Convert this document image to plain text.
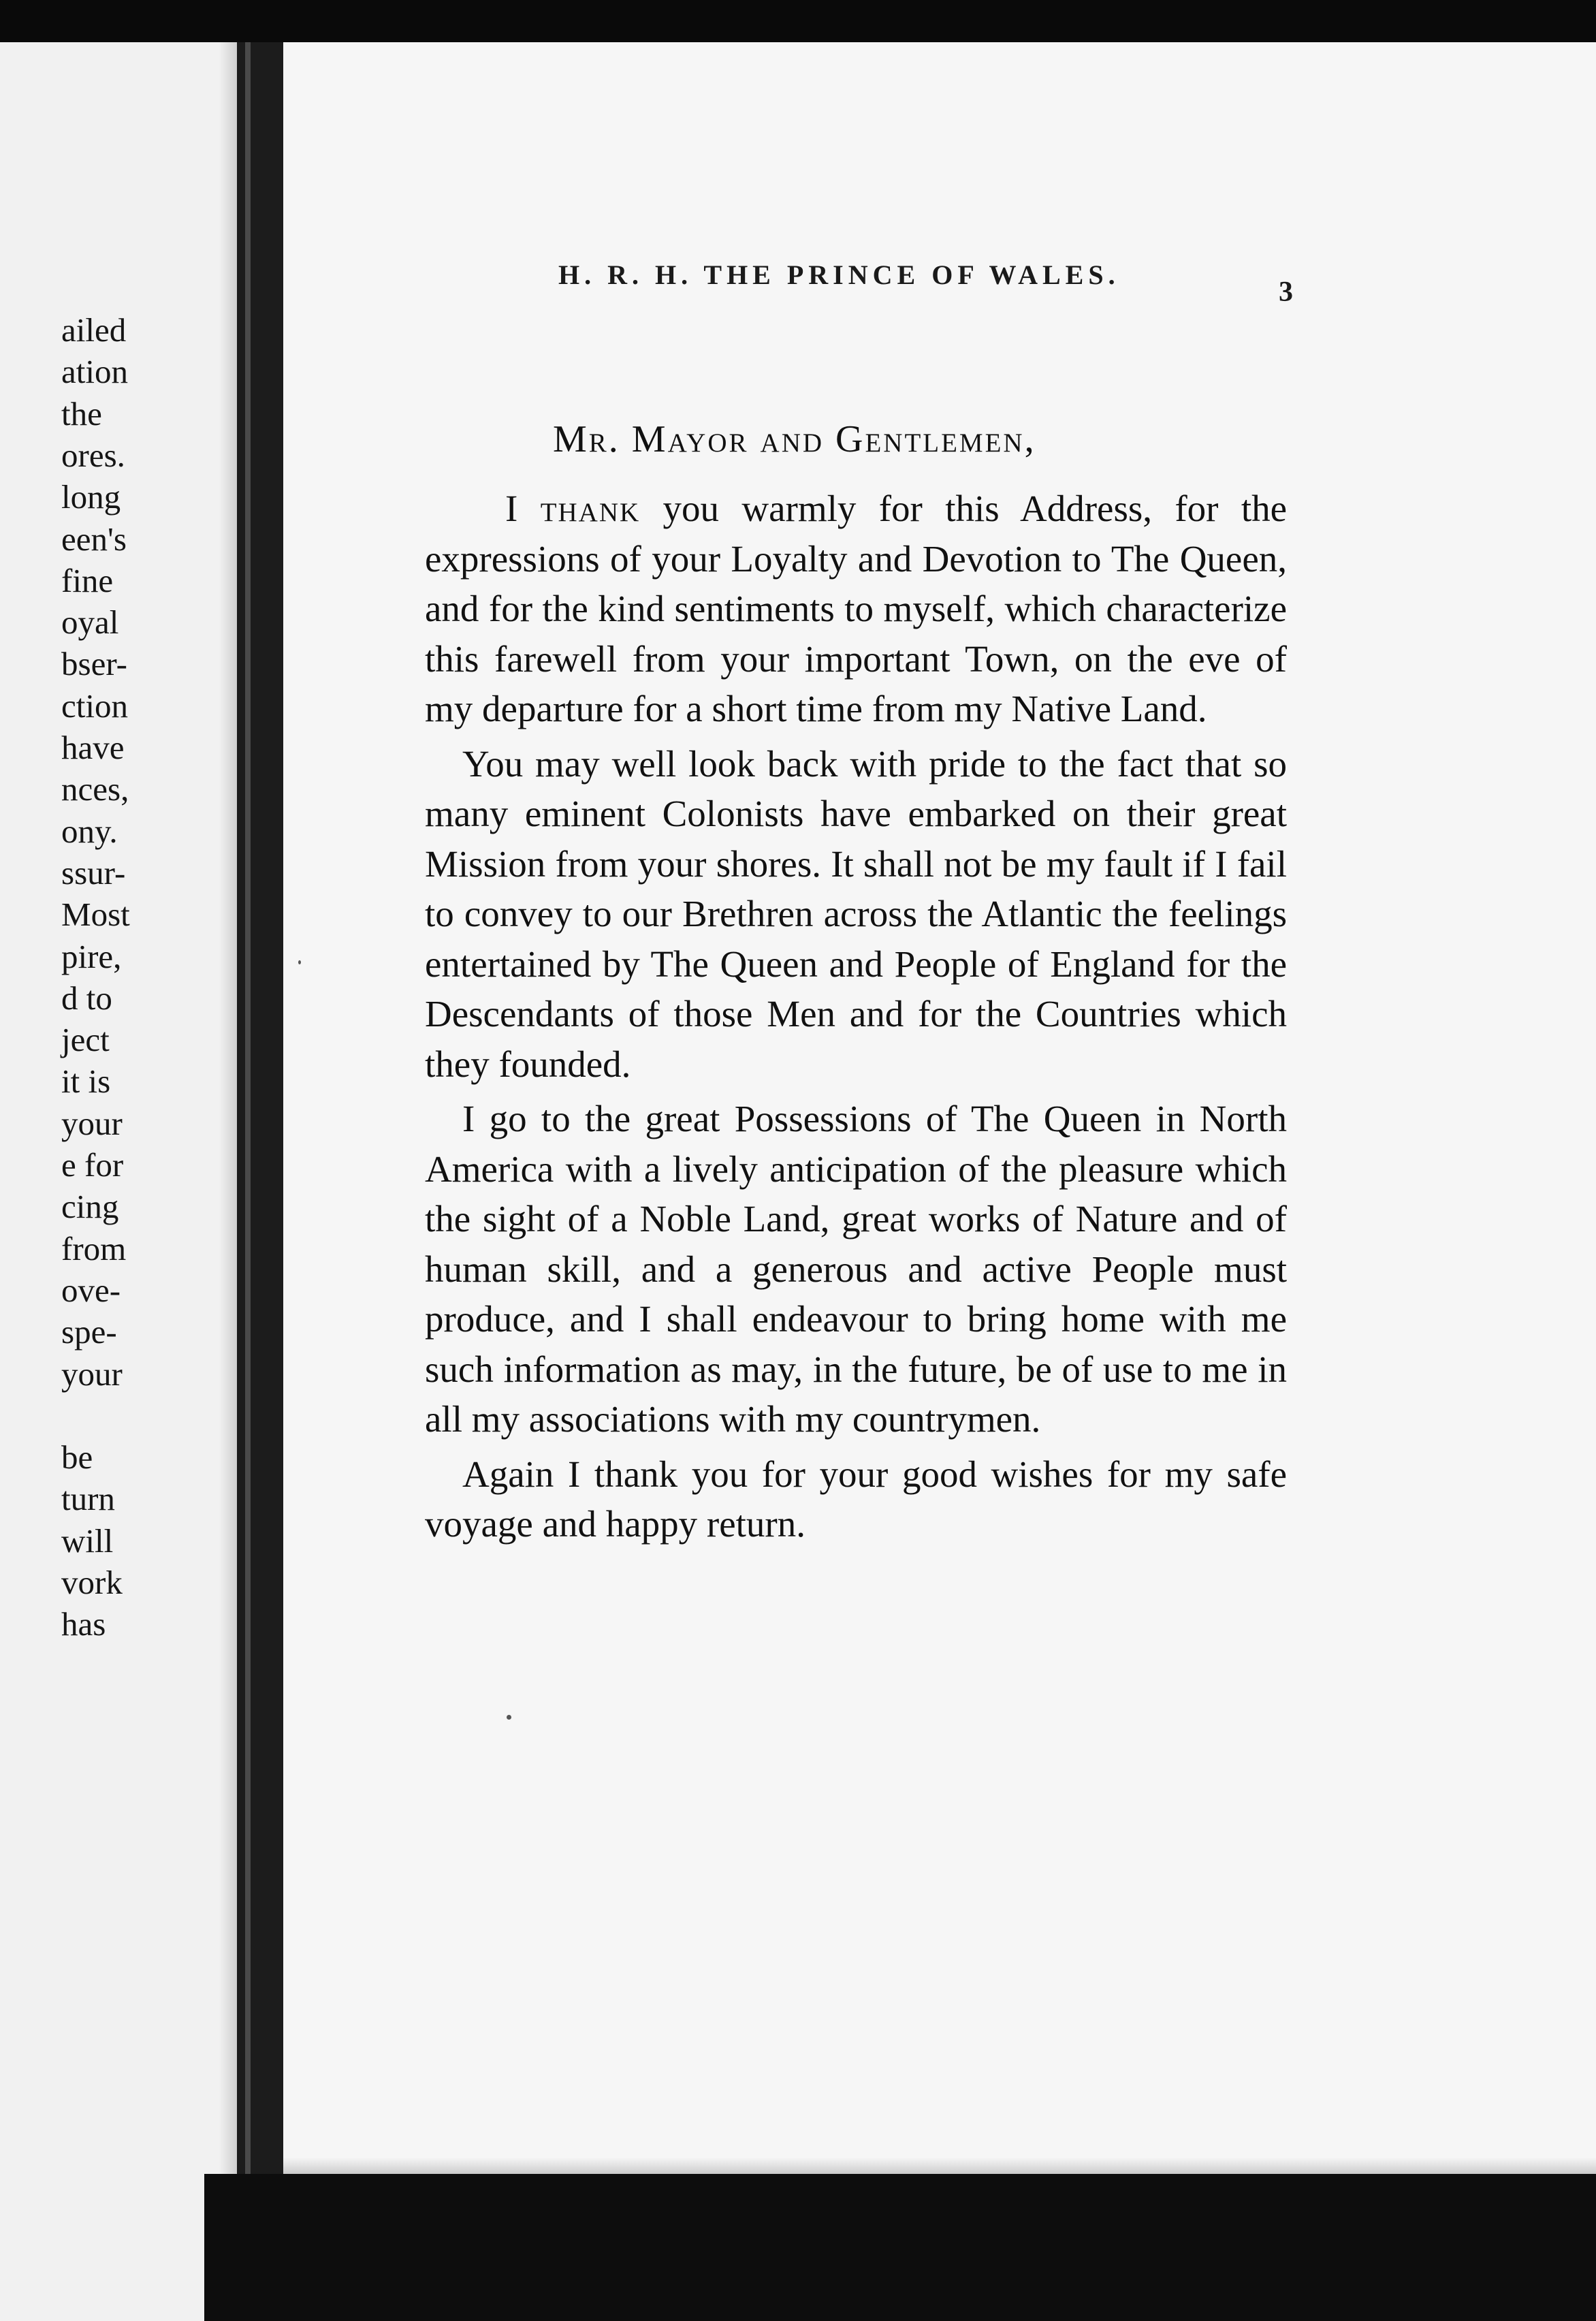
ailed
ation
the
ores.
long
een's
fine
oyal
bser-
ction
have
nces,
ony.
ssur-
Most
pire,
d to
ject
it is
your
e for
cing
from
ove-
spe-
your
be
turn
will
vork
has
H. R. H. THE PRINCE OF WALES.
3
Mr. Mayor and Gentlemen,

I thank you warmly for this Address, for the expressions of your Loyalty and Devotion to The Queen, and for the kind sentiments to myself, which characterize this farewell from your important Town, on the eve of my departure for a short time from my Native Land.

You may well look back with pride to the fact that so many eminent Colonists have embarked on their great Mission from your shores. It shall not be my fault if I fail to convey to our Brethren across the Atlantic the feelings entertained by The Queen and People of England for the Descendants of those Men and for the Countries which they founded.

I go to the great Possessions of The Queen in North America with a lively anticipation of the pleasure which the sight of a Noble Land, great works of Nature and of human skill, and a generous and active People must produce, and I shall endeavour to bring home with me such information as may, in the future, be of use to me in all my associations with my countrymen.

Again I thank you for your good wishes for my safe voyage and happy return.
